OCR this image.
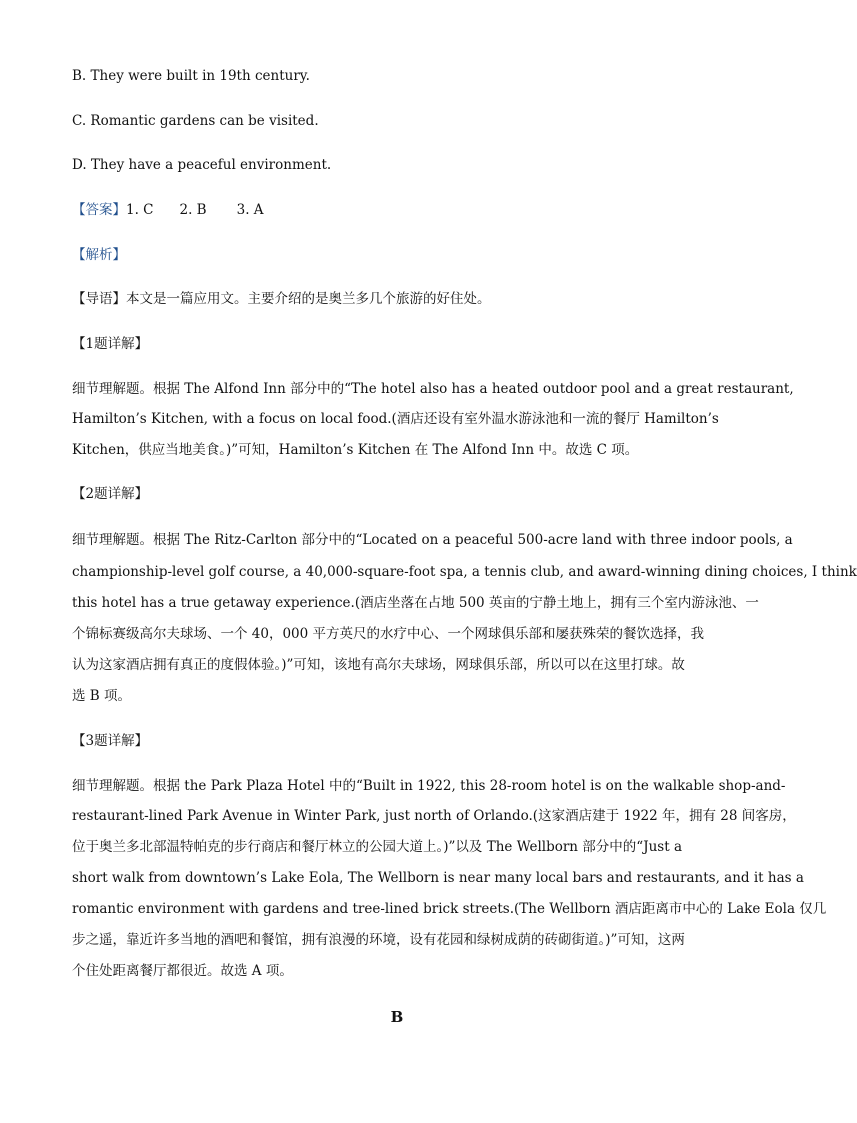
B. They were built in 19th century.
C. Romantic gardens can be visited.
D. They have a peaceful environment.
【答案】1. C 2. B 3. A
【解析】
【导语】本文是一篇应用文。主要介绍的是奥兰多几个旅游的好住处。
【1题详解】
细节理解题。根据 The Alfond Inn 部分中的“The hotel also has a heated outdoor pool and a great restaurant,
Hamilton’s Kitchen, with a focus on local food.(酒店还设有室外温水游泳池和一流的餐厅 Hamilton’s
Kitchen，供应当地美食。)”可知，Hamilton’s Kitchen 在 The Alfond Inn 中。故选 C 项。
【2题详解】
细节理解题。根据 The Ritz-Carlton 部分中的“Located on a peaceful 500-acre land with three indoor pools, a
championship-level golf course, a 40,000-square-foot spa, a tennis club, and award-winning dining choices, I think
this hotel has a true getaway experience.(酒店坐落在占地 500 英亩的宁静土地上，拥有三个室内游泳池、一
个锦标赛级高尔夫球场、一个 40，000 平方英尺的水疗中心、一个网球俱乐部和屡获殊荣的餐饮选择，我
认为这家酒店拥有真正的度假体验。)”可知，该地有高尔夫球场，网球俱乐部，所以可以在这里打球。故
选 B 项。
【3题详解】
细节理解题。根据 the Park Plaza Hotel 中的“Built in 1922, this 28-room hotel is on the walkable shop-and-
restaurant-lined Park Avenue in Winter Park, just north of Orlando.(这家酒店建于 1922 年，拥有 28 间客房，
位于奥兰多北部温特帕克的步行商店和餐厅林立的公园大道上。)”以及 The Wellborn 部分中的“Just a
short walk from downtown’s Lake Eola, The Wellborn is near many local bars and restaurants, and it has a
romantic environment with gardens and tree-lined brick streets.(The Wellborn 酒店距离市中心的 Lake Eola 仅几
步之遥，靠近许多当地的酒吧和餐馆，拥有浪漫的环境，设有花园和绿树成荫的砖砌街道。)”可知，这两
个住处距离餐厅都很近。故选 A 项。
B
